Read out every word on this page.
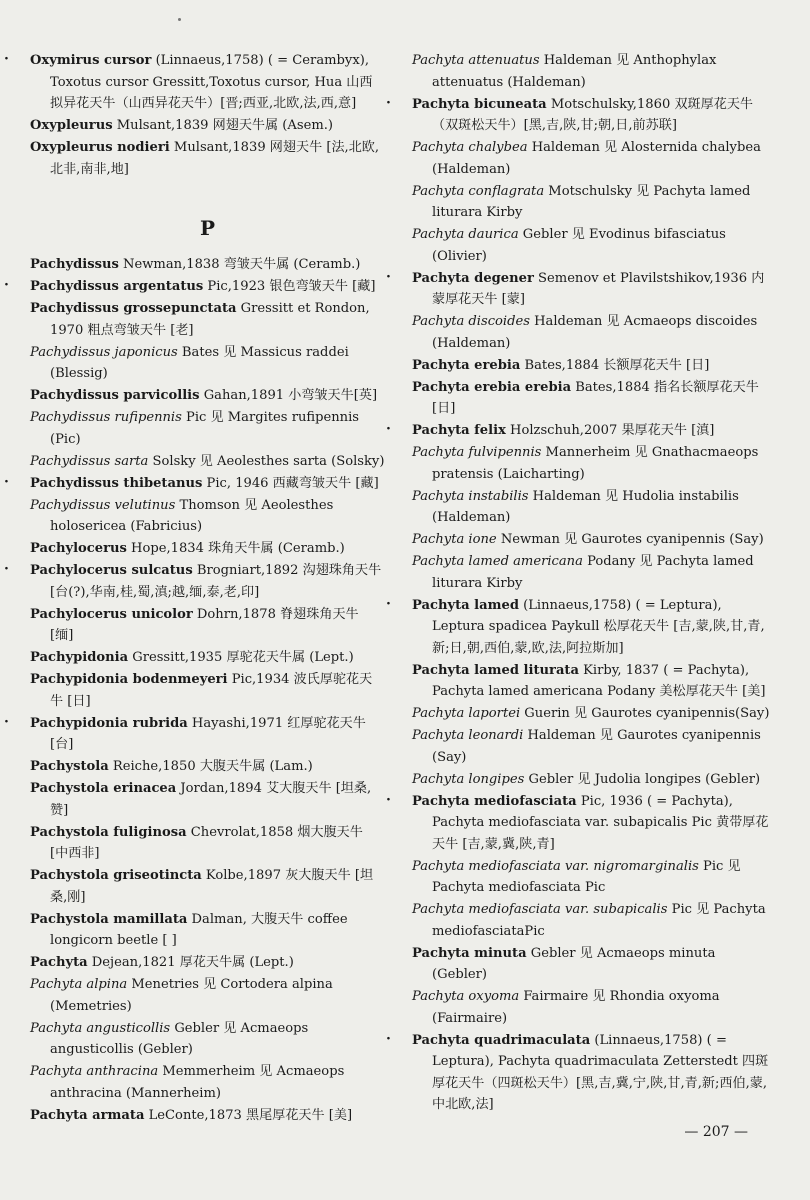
·	Oxymirus cursor (Linnaeus,1758) ( = Cerambyx), Toxotus cursor Gressitt,Toxotus cursor, Hua 山西拟异花天牛（山西异花天牛）[晋;西亚,北欧,法,西,意]
Oxypleurus Mulsant,1839 网翅天牛属 (Asem.)
Oxypleurus nodieri Mulsant,1839 网翅天牛 [法,北欧,北非,南非,地]
P
Pachydissus Newman,1838 弯皱天牛属 (Ceramb.)
·	Pachydissus argentatus Pic,1923 银色弯皱天牛 [藏]
Pachydissus grossepunctata Gressitt et Rondon, 1970 粗点弯皱天牛 [老]
Pachydissus japonicus Bates 见 Massicus raddei (Blessig)
Pachydissus parvicollis Gahan,1891 小弯皱天牛[英]
Pachydissus rufipennis Pic 见 Margites rufipennis (Pic)
Pachydissus sarta Solsky 见 Aeolesthes sarta (Solsky)
·	Pachydissus thibetanus Pic, 1946 西藏弯皱天牛 [藏]
Pachydissus velutinus Thomson 见 Aeolesthes holosericea (Fabricius)
Pachylocerus Hope,1834 珠角天牛属 (Ceramb.)
·	Pachylocerus sulcatus Brogniart,1892 沟翅珠角天牛 [台(?),华南,桂,蜀,滇;越,缅,泰,老,印]
Pachylocerus unicolor Dohrn,1878 脊翅珠角天牛 [缅]
Pachypidonia Gressitt,1935 厚驼花天牛属 (Lept.)
Pachypidonia bodenmeyeri Pic,1934 波氏厚驼花天牛 [日]
·	Pachypidonia rubrida Hayashi,1971 红厚驼花天牛 [台]
Pachystola Reiche,1850 大腹天牛属 (Lam.)
Pachystola erinacea Jordan,1894 艾大腹天牛 [坦桑,赞]
Pachystola fuliginosa Chevrolat,1858 烟大腹天牛 [中西非]
Pachystola griseotincta Kolbe,1897 灰大腹天牛 [坦桑,刚]
Pachystola mamillata Dalman, 大腹天牛 coffee longicorn beetle [ ]
Pachyta Dejean,1821 厚花天牛属 (Lept.)
Pachyta alpina Menetries 见 Cortodera alpina (Memetries)
Pachyta angusticollis Gebler 见 Acmaeops angusticollis (Gebler)
Pachyta anthracina Memmerheim 见 Acmaeops anthracina (Mannerheim)
Pachyta armata LeConte,1873 黑尾厚花天牛 [美]
Pachyta attenuatus Haldeman 见 Anthophylax attenuatus (Haldeman)
·	Pachyta bicuneata Motschulsky,1860 双斑厚花天牛（双斑松天牛）[黑,吉,陕,甘;朝,日,前苏联]
Pachyta chalybea Haldeman 见 Alosternida chalybea (Haldeman)
Pachyta conflagrata Motschulsky 见 Pachyta lamed liturara Kirby
Pachyta daurica Gebler 见 Evodinus bifasciatus (Olivier)
·	Pachyta degener Semenov et Plavilstshikov,1936 内蒙厚花天牛 [蒙]
Pachyta discoides Haldeman 见 Acmaeops discoides (Haldeman)
Pachyta erebia Bates,1884 长额厚花天牛 [日]
Pachyta erebia erebia Bates,1884 指名长额厚花天牛 [日]
·	Pachyta felix Holzschuh,2007 果厚花天牛 [滇]
Pachyta fulvipennis Mannerheim 见 Gnathacmaeops pratensis (Laicharting)
Pachyta instabilis Haldeman 见 Hudolia instabilis (Haldeman)
Pachyta ione Newman 见 Gaurotes cyanipennis (Say)
Pachyta lamed americana Podany 见 Pachyta lamed liturara Kirby
·	Pachyta lamed (Linnaeus,1758) ( = Leptura), Leptura spadicea Paykull 松厚花天牛 [吉,蒙,陕,甘,青,新;日,朝,西伯,蒙,欧,法,阿拉斯加]
Pachyta lamed liturata Kirby, 1837 ( = Pachyta), Pachyta lamed americana Podany 美松厚花天牛 [美]
Pachyta laportei Guerin 见 Gaurotes cyanipennis(Say)
Pachyta leonardi Haldeman 见 Gaurotes cyanipennis (Say)
Pachyta longipes Gebler 见 Judolia longipes (Gebler)
·	Pachyta mediofasciata Pic, 1936 ( = Pachyta), Pachyta mediofasciata var. subapicalis Pic 黄带厚花天牛 [吉,蒙,冀,陕,青]
Pachyta mediofasciata var. nigromarginalis Pic 见 Pachyta mediofasciata Pic
Pachyta mediofasciata var. subapicalis Pic 见 Pachyta mediofasciataPic
Pachyta minuta Gebler 见 Acmaeops minuta (Gebler)
Pachyta oxyoma Fairmaire 见 Rhondia oxyoma (Fairmaire)
·	Pachyta quadrimaculata (Linnaeus,1758) ( = Leptura), Pachyta quadrimaculata Zetterstedt 四斑厚花天牛（四斑松天牛）[黑,吉,冀,宁,陕,甘,青,新;西伯,蒙,中北欧,法]
— 207 —
